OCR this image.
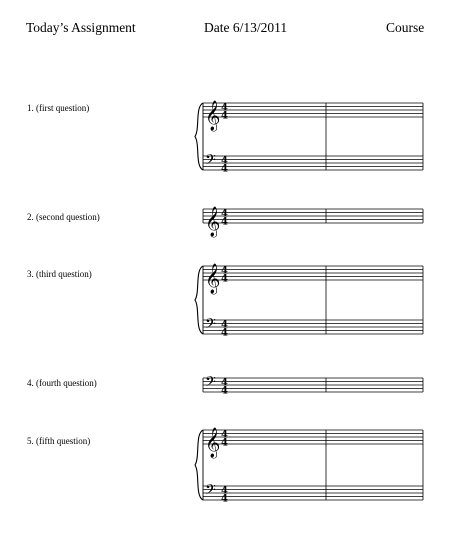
Today’s Assignment	Date 6/13/2011	Course
1. (first question)
2. (second question)
3. (third question)
4. (fourth question)
5. (fifth question)
𝄞 4
4
𝄢 4
4
𝄞 4
4
𝄞 4
4
𝄢 4
4
𝄢 4
4
𝄞 4
4
𝄢 4
4
